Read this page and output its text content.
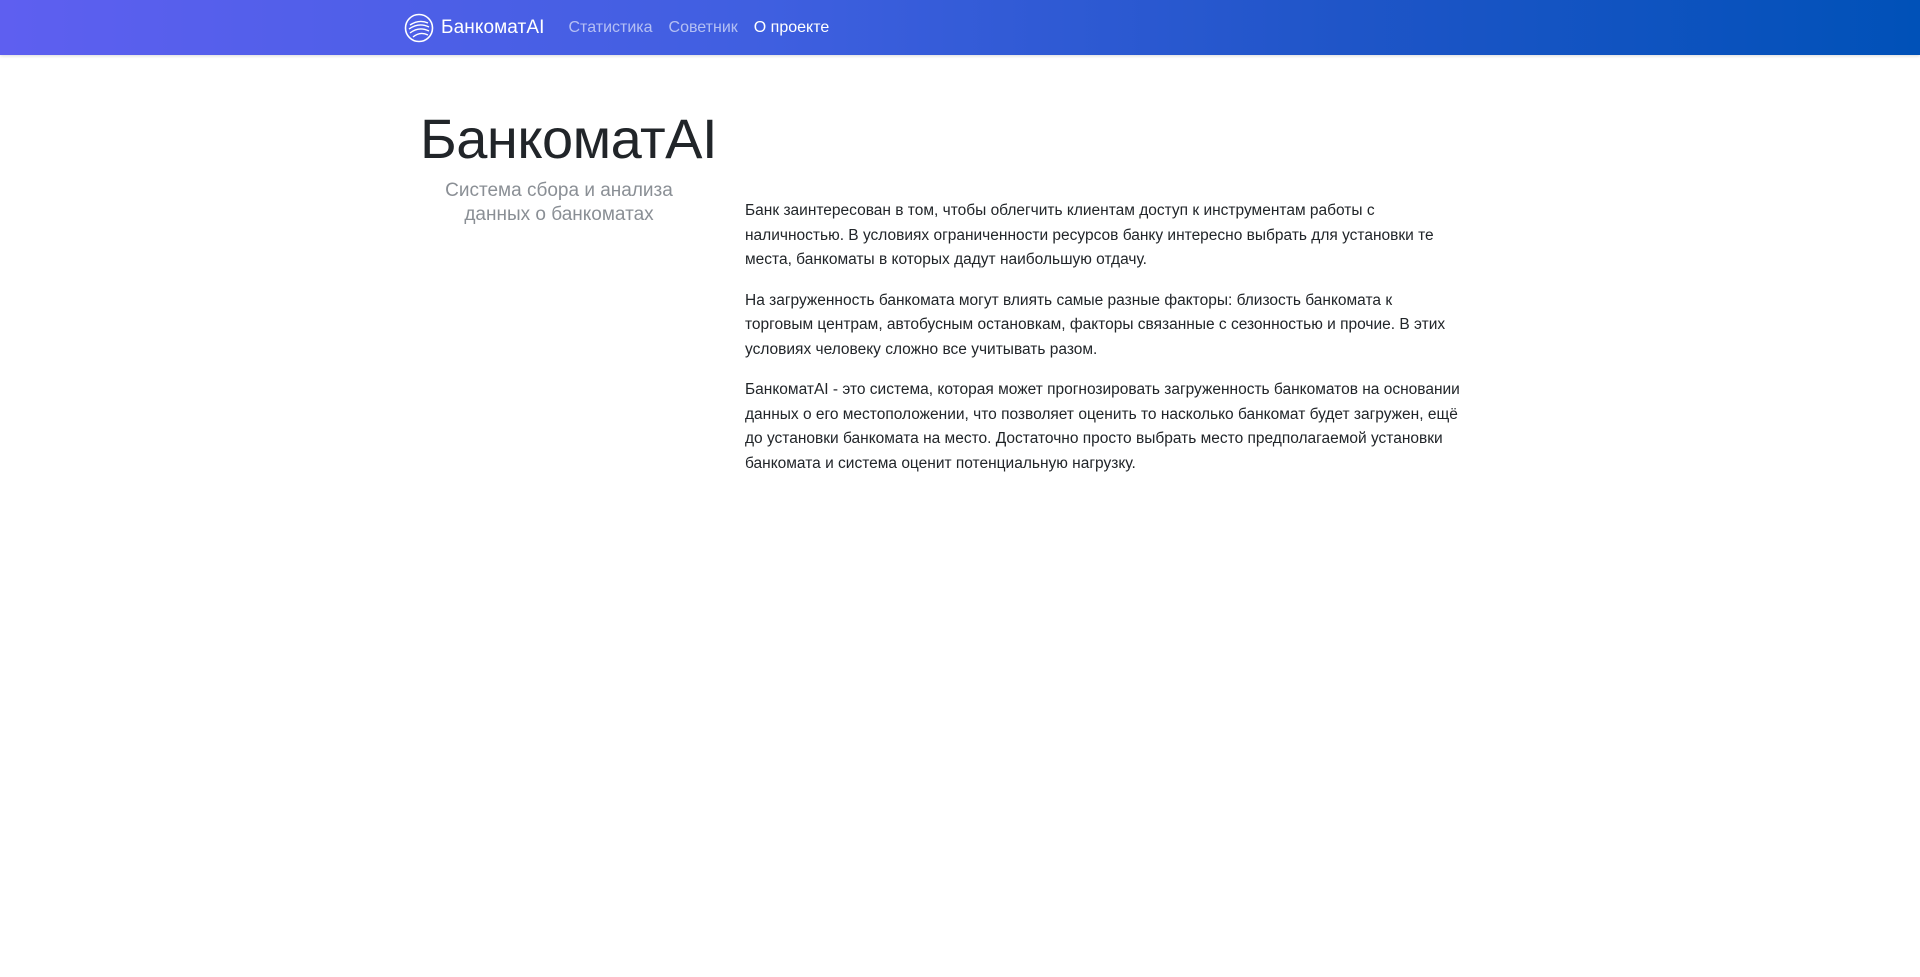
БанкоматAI Статистика Советник О проекте
БанкоматAI
Система сбора и анализа данных о банкоматах	Банк заинтересован в том, чтобы облегчить клиентам доступ к инструментам работы с наличностью. В условиях ограниченности ресурсов банку интересно выбрать для установки те места, банкоматы в которых дадут наибольшую отдачу.

На загруженность банкомата могут влиять самые разные факторы: близость банкомата к торговым центрам, автобусным остановкам, факторы связанные с сезонностью и прочие. В этих условиях человеку сложно все учитывать разом.

БанкоматAI - это система, которая может прогнозировать загруженность банкоматов на основании данных о его местоположении, что позволяет оценить то насколько банкомат будет загружен, ещё до установки банкомата на место. Достаточно просто выбрать место предполагаемой установки банкомата и система оценит потенциальную нагрузку.
